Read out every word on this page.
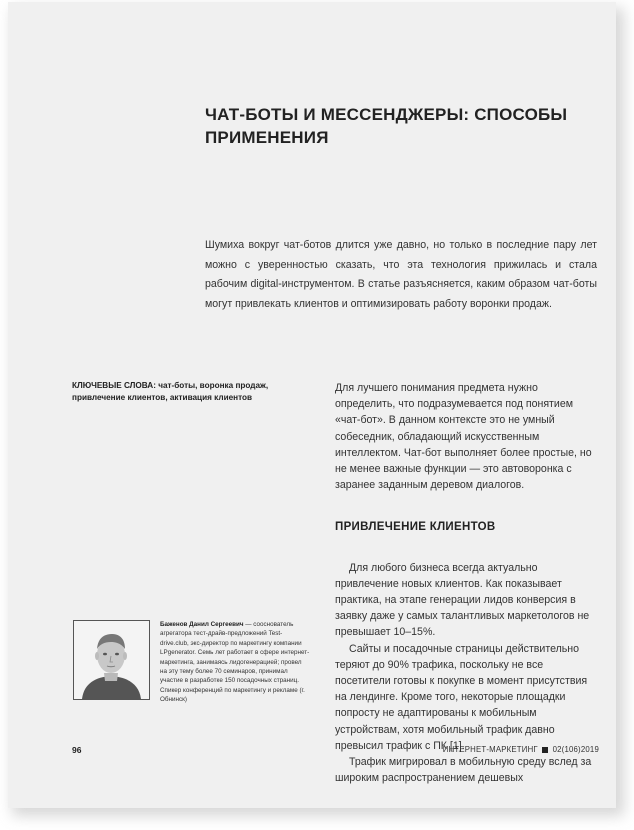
ЧАТ-БОТЫ И МЕССЕНДЖЕРЫ: СПОСОБЫ ПРИМЕНЕНИЯ
Шумиха вокруг чат-ботов длится уже давно, но только в последние пару лет можно с уверенностью сказать, что эта технология прижилась и стала рабочим digital-инструментом. В статье разъясняется, каким образом чат-боты могут привлекать клиентов и оптимизировать работу воронки продаж.
КЛЮЧЕВЫЕ СЛОВА: чат-боты, воронка продаж, привлечение клиентов, активация клиентов

Для лучшего понимания предмета нужно определить, что подразумевается под понятием «чат-бот». В данном контексте это не умный собеседник, обладающий искусственным интеллектом. Чат-бот выполняет более простые, но не менее важные функции — это автоворонка с заранее заданным деревом диалогов.

ПРИВЛЕЧЕНИЕ КЛИЕНТОВ

Для любого бизнеса всегда актуально привлечение новых клиентов. Как показывает практика, на этапе генерации лидов конверсия в заявку даже у самых талантливых маркетологов не превышает 10–15%.

Сайты и посадочные страницы действительно теряют до 90% трафика, поскольку не все посетители готовы к покупке в момент присутствия на лендинге. Кроме того, некоторые площадки попросту не адаптированы к мобильным устройствам, хотя мобильный трафик давно превысил трафик с ПК [1].

Трафик мигрировал в мобильную среду вслед за широким распространением дешевых

Баженов Данил Сергеевич — сооснователь агрегатора тест-драйв-предложений Test-drive.club, экс-директор по маркетингу компании LPgenerator. Семь лет работает в сфере интернет-маркетинга, занимаясь лидогенерацией; провел на эту тему более 70 семинаров, принимал участие в разработке 150 посадочных страниц. Спикер конференций по маркетингу и рекламе (г. Обнинск)
96	ИНТЕРНЕТ-МАРКЕТИНГ 02(106)2019
